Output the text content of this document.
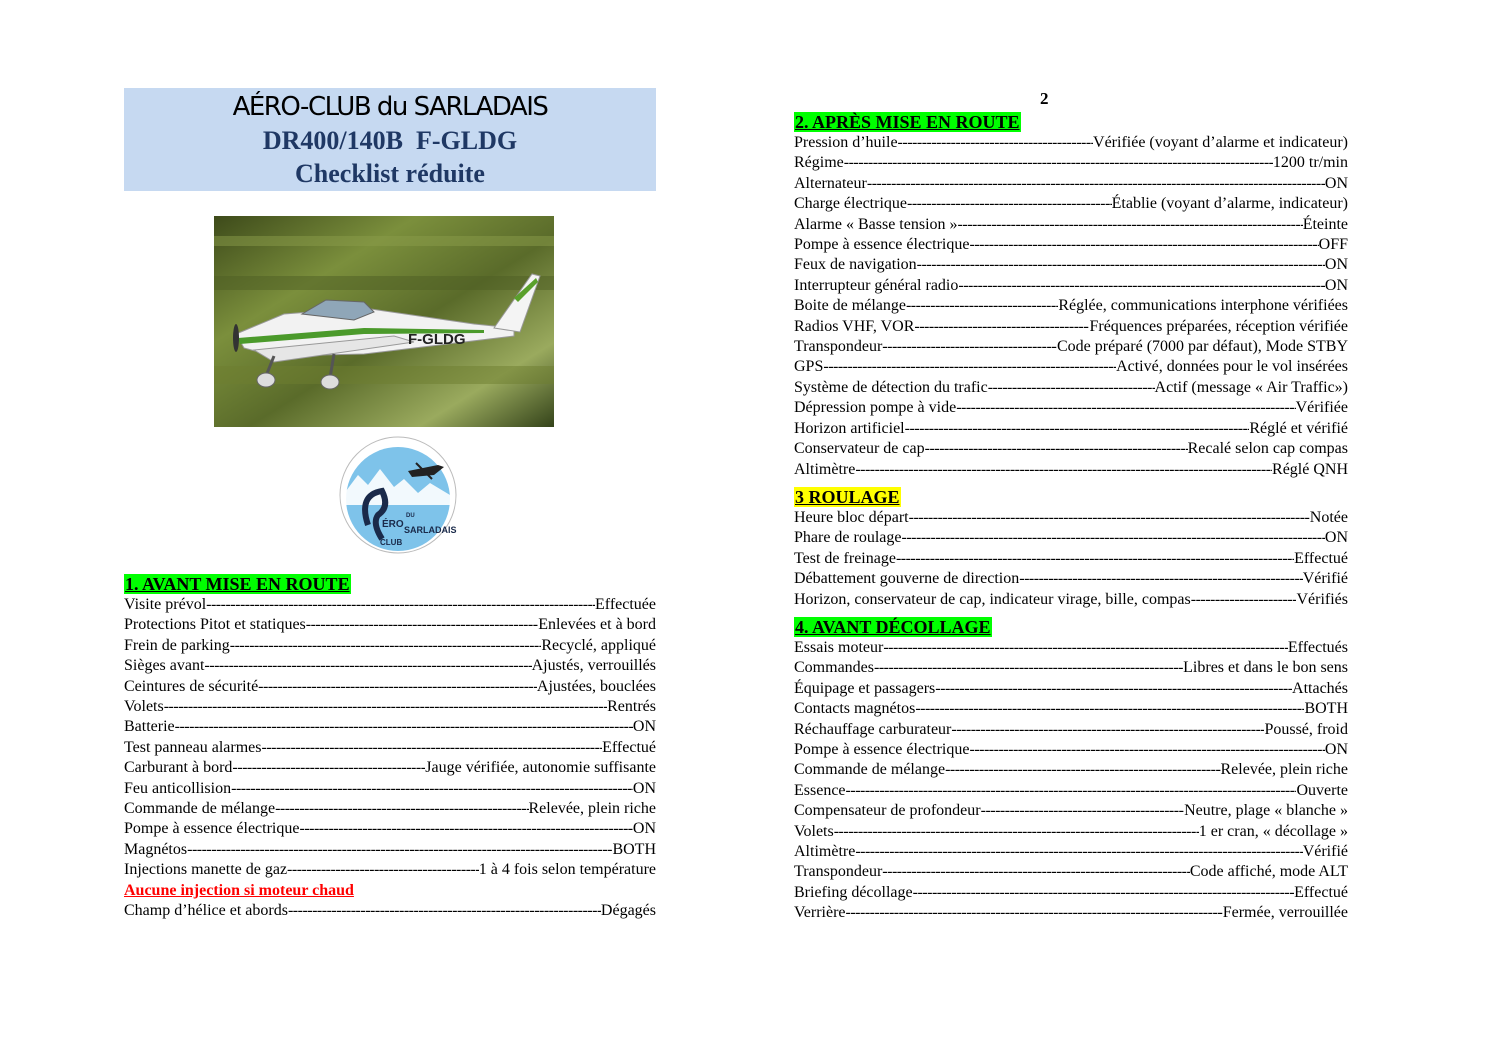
AÉRO-CLUB du SARLADAIS
DR400/140B  F-GLDG
Checklist réduite
F-GLDG
ÉRO
DU
SARLADAIS
CLUB
1. AVANT MISE EN ROUTE
Visite prévol -----	Effectuée
Protections Pitot et statiques -----	Enlevées et à bord
Frein de parking -----	Recyclé, appliqué
Sièges avant -----	Ajustés, verrouillés
Ceintures de sécurité -----	Ajustées, bouclées
Volets -----	Rentrés
Batterie -----	ON
Test panneau alarmes -----	Effectué
Carburant à bord -----	Jauge vérifiée, autonomie suffisante
Feu anticollision -----	ON
Commande de mélange -----	Relevée, plein riche
Pompe à essence électrique -----	ON
Magnétos -----	BOTH
Injections manette de gaz -----	1 à 4 fois selon température
Aucune injection si moteur chaud
Champ d’hélice et abords -----	Dégagés
2
2. APRÈS MISE EN ROUTE
Pression d’huile -----	Vérifiée (voyant d’alarme et indicateur)
Régime -----	1200 tr/min
Alternateur -----	ON
Charge électrique -----	Établie (voyant d’alarme, indicateur)
Alarme « Basse tension » -----	Éteinte
Pompe à essence électrique -----	OFF
Feux de navigation -----	ON
Interrupteur général radio -----	ON
Boite de mélange -----	Réglée, communications interphone vérifiées
Radios VHF, VOR -----	Fréquences préparées, réception vérifiée
Transpondeur -----	Code préparé (7000 par défaut), Mode STBY
GPS -----	Activé, données pour le vol insérées
Système de détection du trafic -----	Actif (message « Air Traffic»)
Dépression pompe à vide -----	Vérifiée
Horizon artificiel -----	Réglé et vérifié
Conservateur de cap -----	Recalé selon cap compas
Altimètre -----	Réglé QNH
3 ROULAGE
Heure bloc départ -----	Notée
Phare de roulage -----	ON
Test de freinage -----	Effectué
Débattement gouverne de direction -----	Vérifié
Horizon, conservateur de cap, indicateur virage, bille, compas -----	Vérifiés
4. AVANT DÉCOLLAGE
Essais moteur -----	Effectués
Commandes -----	Libres et dans le bon sens
Équipage et passagers -----	Attachés
Contacts magnétos -----	BOTH
Réchauffage carburateur -----	Poussé, froid
Pompe à essence électrique -----	ON
Commande de mélange -----	Relevée, plein riche
Essence -----	Ouverte
Compensateur de profondeur -----	Neutre, plage « blanche »
Volets -----	1 er cran, « décollage »
Altimètre -----	Vérifié
Transpondeur -----	Code affiché, mode ALT
Briefing décollage -----	Effectué
Verrière -----	Fermée, verrouillée
